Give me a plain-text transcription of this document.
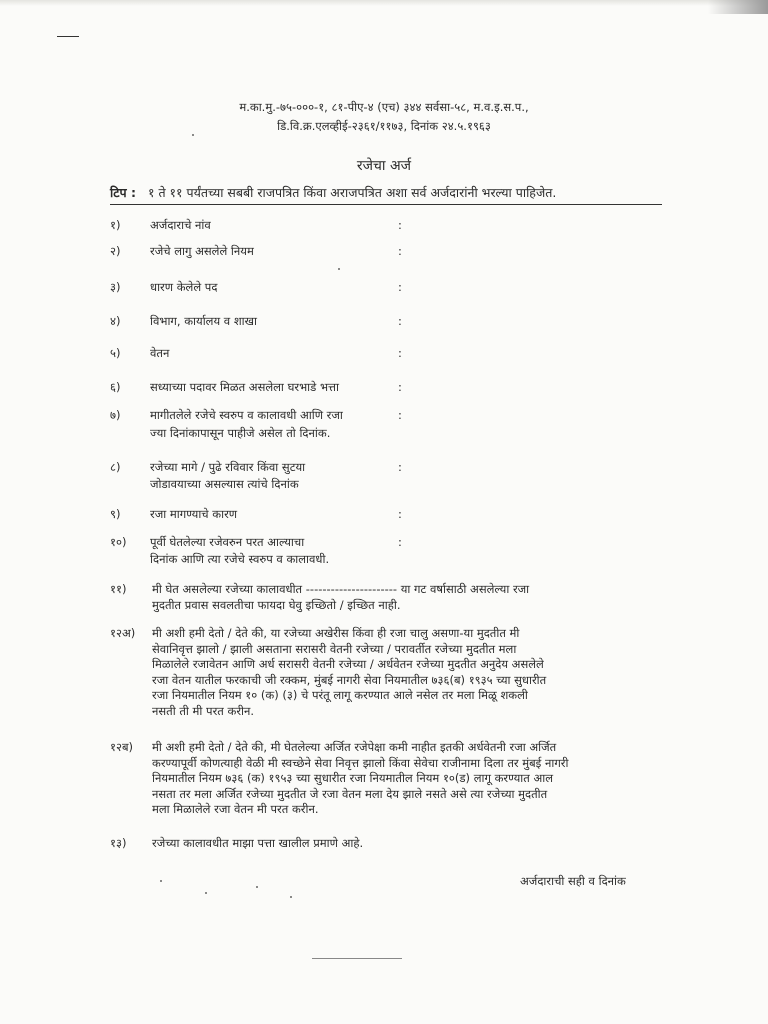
म.का.मु.-७५-०००-१, ८१-पीए-४ (एच) ३४४ सर्वसा-५८, म.व.इ.स.प.,
डि.वि.क्र.एलव्हीई-२३६१/११७३, दिनांक २४.५.१९६३
रजेचा अर्ज
टिप : १ ते ११ पर्यंतच्या सबबी राजपत्रित किंवा अराजपत्रित अशा सर्व अर्जदारांनी भरल्या पाहिजेत.
१)	अर्जदाराचे नांव	:
२)	रजेचे लागु असलेले नियम	:
३)	धारण केलेले पद	:
४)	विभाग, कार्यालय व शाखा	:
५)	वेतन	:
६)	सध्याच्या पदावर मिळत असलेला घरभाडे भत्ता	:
७)	मागीतलेले रजेचे स्वरुप व कालावधी आणि रजा
ज्या दिनांकापासून पाहीजे असेल तो दिनांक.
:
८)	रजेच्या मागे / पुढे रविवार किंवा सुटया
जोडावयाच्या असल्यास त्यांचे दिनांक
:
९)	रजा मागण्याचे कारण	:
१०)	पूर्वी घेतलेल्या रजेवरुन परत आल्याचा
दिनांक आणि त्या रजेचे स्वरुप व कालावधी.
:
११)	मी घेत असलेल्या रजेच्या कालावधीत ---------------------- या गट वर्षासाठी असलेल्या रजा
मुदतीत प्रवास सवलतीचा फायदा घेवु इच्छितो / इच्छित नाही.
१२अ)	मी अशी हमी देतो / देते की, या रजेच्या अखेरीस किंवा ही रजा चालु असणा-या मुदतीत मी
सेवानिवृत्त झालो / झाली असताना सरासरी वेतनी रजेच्या / परावर्तीत रजेच्या मुदतीत मला
मिळालेले रजावेतन आणि अर्ध सरासरी वेतनी रजेच्या / अर्धवेतन रजेच्या मुदतीत अनुदेय असलेले
रजा वेतन यातील फरकाची जी रक्कम, मुंबई नागरी सेवा नियमातील ७३६(ब) १९३५ च्या सुधारीत
रजा नियमातील नियम १० (क) (३) चे परंतू लागू करण्यात आले नसेल तर मला मिळू शकली
नसती ती मी परत करीन.
१२ब)	मी अशी हमी देतो / देते की, मी घेतलेल्या अर्जित रजेपेक्षा कमी नाहीत इतकी अर्धवेतनी रजा अर्जित
करण्यापूर्वी कोणत्याही वेळी मी स्वच्छेने सेवा निवृत्त झालो किंवा सेवेचा राजीनामा दिला तर मुंबई नागरी
नियमातील नियम ७३६ (क) १९५३ च्या सुधारीत रजा नियमातील नियम १०(ड) लागू करण्यात आल
नसता तर मला अर्जित रजेच्या मुदतीत जे रजा वेतन मला देय झाले नसते असे त्या रजेच्या मुदतीत
मला मिळालेले रजा वेतन मी परत करीन.
१३)	रजेच्या कालावधीत माझा पत्ता खालील प्रमाणे आहे.
अर्जदाराची सही व दिनांक
